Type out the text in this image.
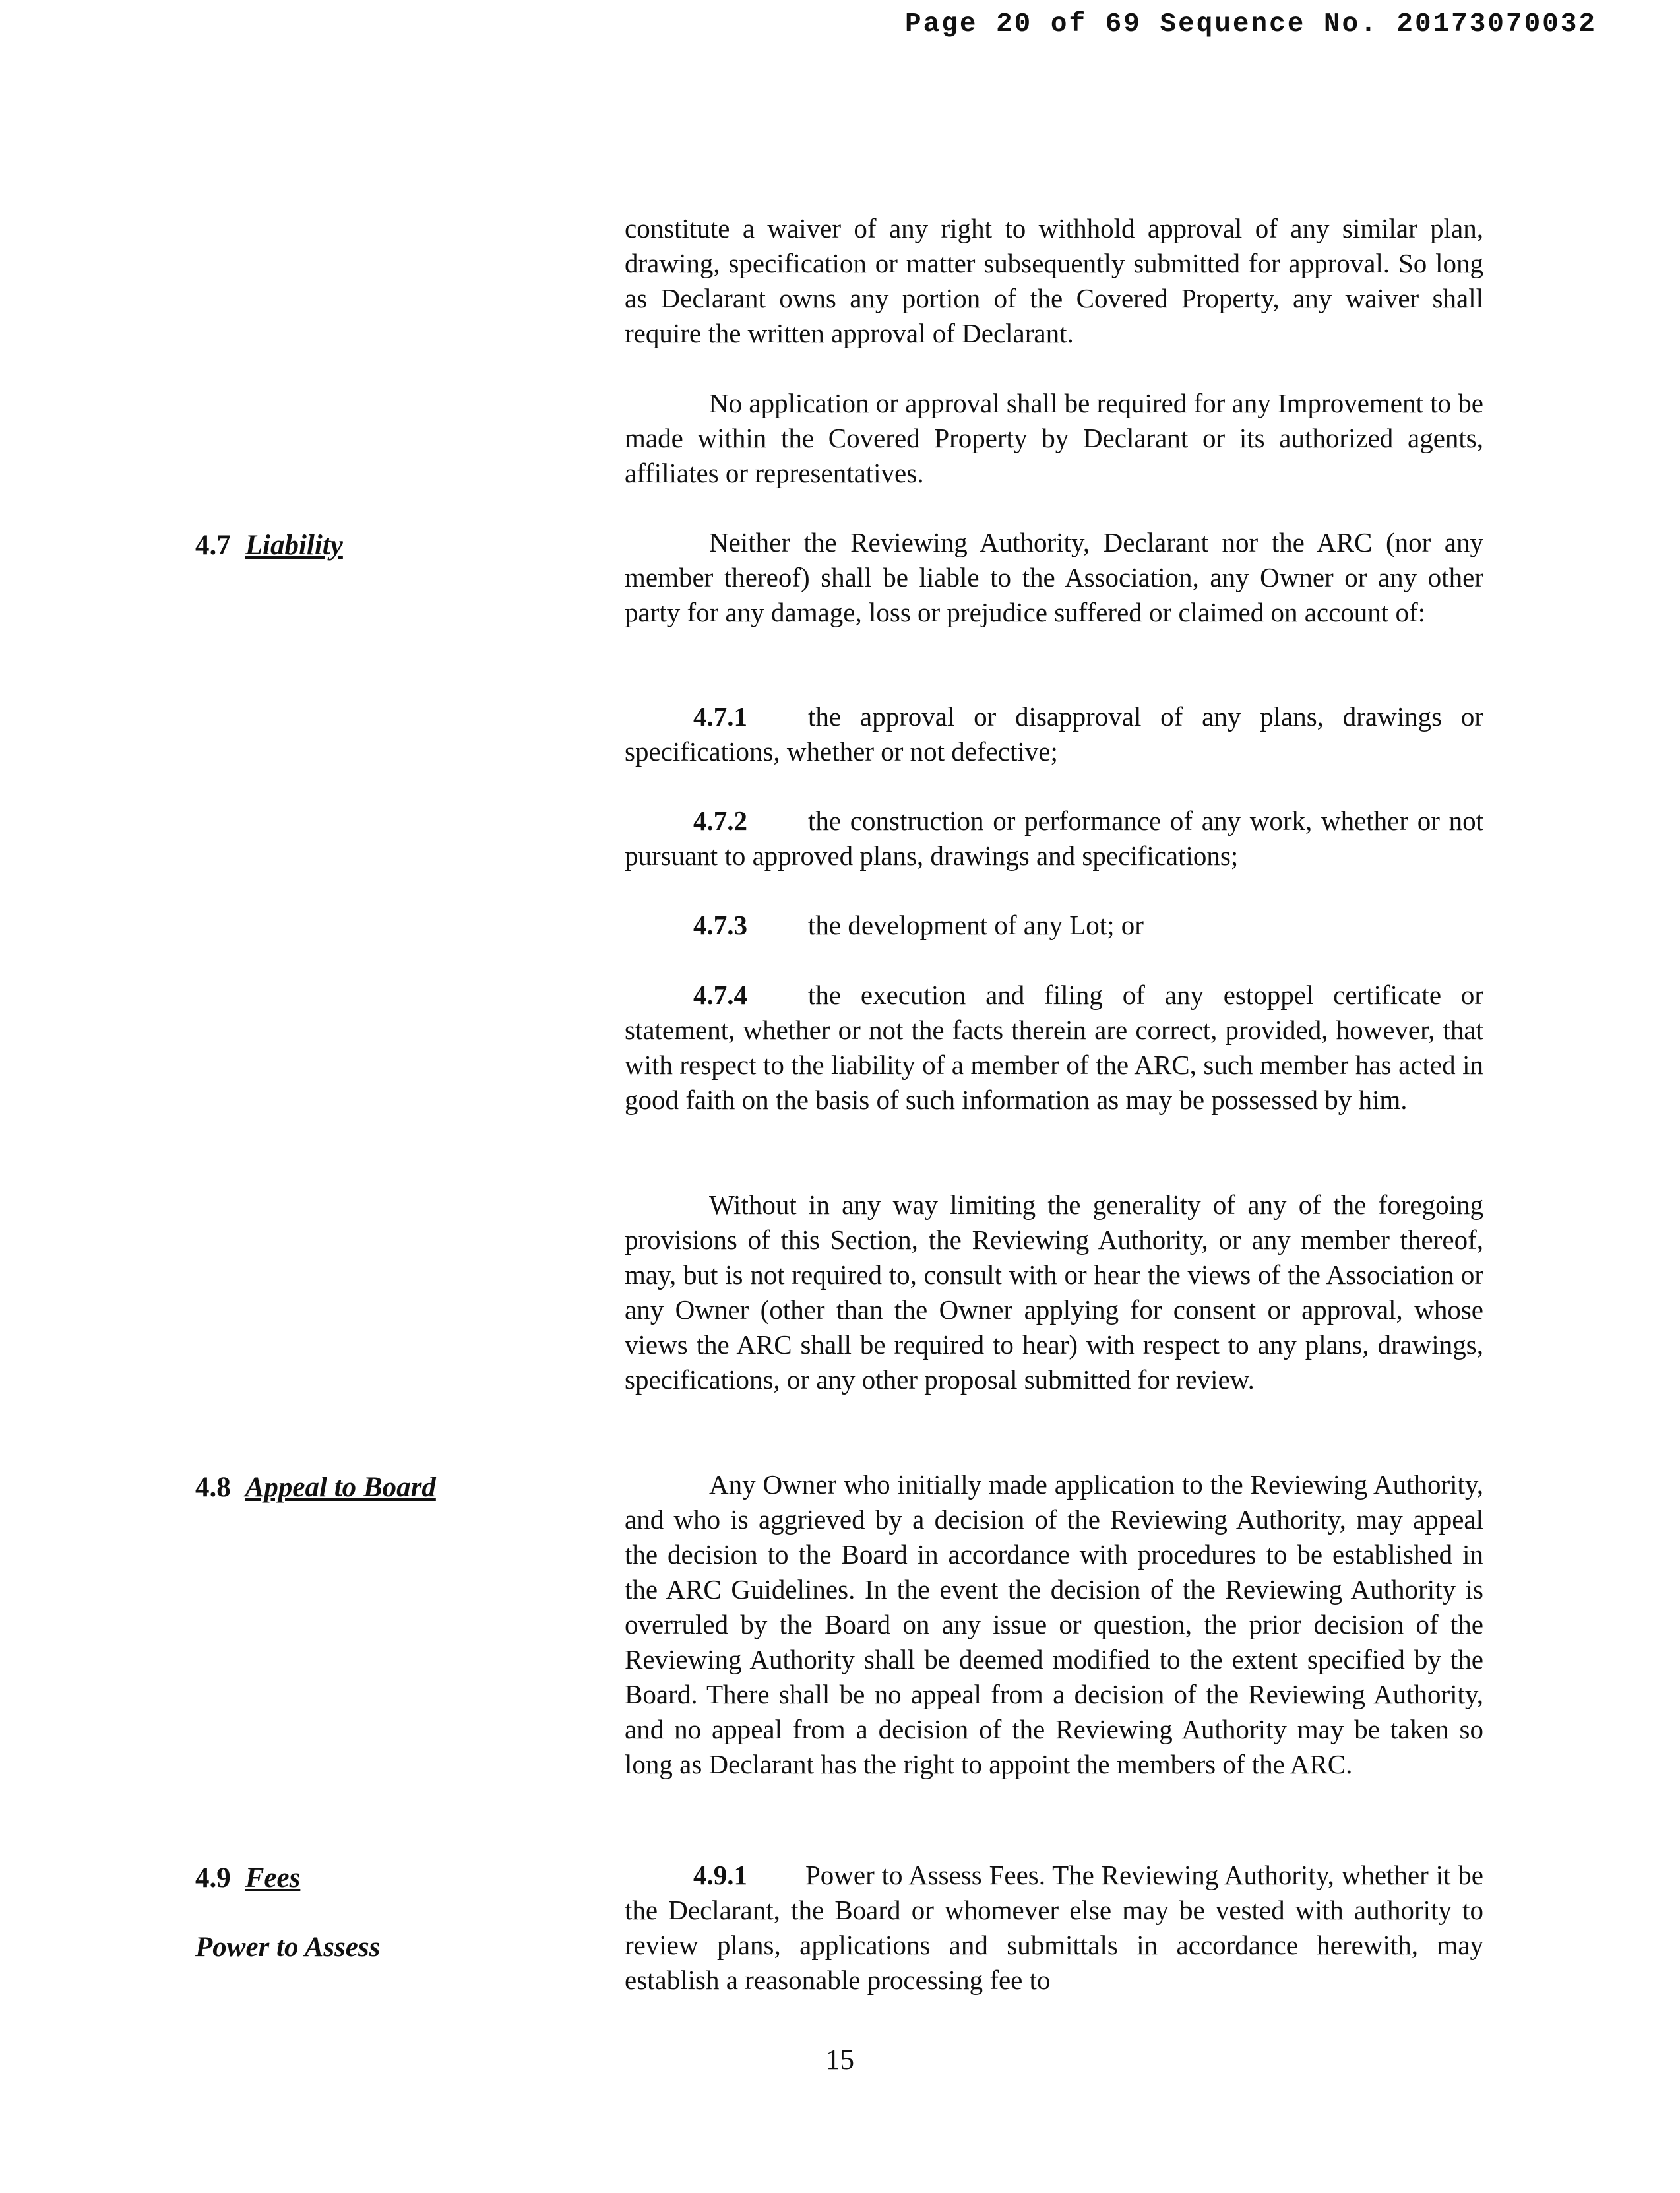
Page 20 of 69 Sequence No. 20173070032

constitute a waiver of any right to withhold approval of any similar plan, drawing, specification or matter subsequently submitted for approval. So long as Declarant owns any portion of the Covered Property, any waiver shall require the written approval of Declarant.

No application or approval shall be required for any Improvement to be made within the Covered Property by Declarant or its authorized agents, affiliates or representatives.

4.7 Liability	Neither the Reviewing Authority, Declarant nor the ARC (nor any member thereof) shall be liable to the Association, any Owner or any other party for any damage, loss or prejudice suffered or claimed on account of:

4.7.1 the approval or disapproval of any plans, drawings or specifications, whether or not defective;

4.7.2 the construction or performance of any work, whether or not pursuant to approved plans, drawings and specifications;

4.7.3 the development of any Lot; or

4.7.4 the execution and filing of any estoppel certificate or statement, whether or not the facts therein are correct, provided, however, that with respect to the liability of a member of the ARC, such member has acted in good faith on the basis of such information as may be possessed by him.

Without in any way limiting the generality of any of the foregoing provisions of this Section, the Reviewing Authority, or any member thereof, may, but is not required to, consult with or hear the views of the Association or any Owner (other than the Owner applying for consent or approval, whose views the ARC shall be required to hear) with respect to any plans, drawings, specifications, or any other proposal submitted for review.

4.8 Appeal to Board	Any Owner who initially made application to the Reviewing Authority, and who is aggrieved by a decision of the Reviewing Authority, may appeal the decision to the Board in accordance with procedures to be established in the ARC Guidelines. In the event the decision of the Reviewing Authority is overruled by the Board on any issue or question, the prior decision of the Reviewing Authority shall be deemed modified to the extent specified by the Board. There shall be no appeal from a decision of the Reviewing Authority, and no appeal from a decision of the Reviewing Authority may be taken so long as Declarant has the right to appoint the members of the ARC.

4.9 Fees
Power to Assess

4.9.1 Power to Assess Fees. The Reviewing Authority, whether it be the Declarant, the Board or whomever else may be vested with authority to review plans, applications and submittals in accordance herewith, may establish a reasonable processing fee to

15
